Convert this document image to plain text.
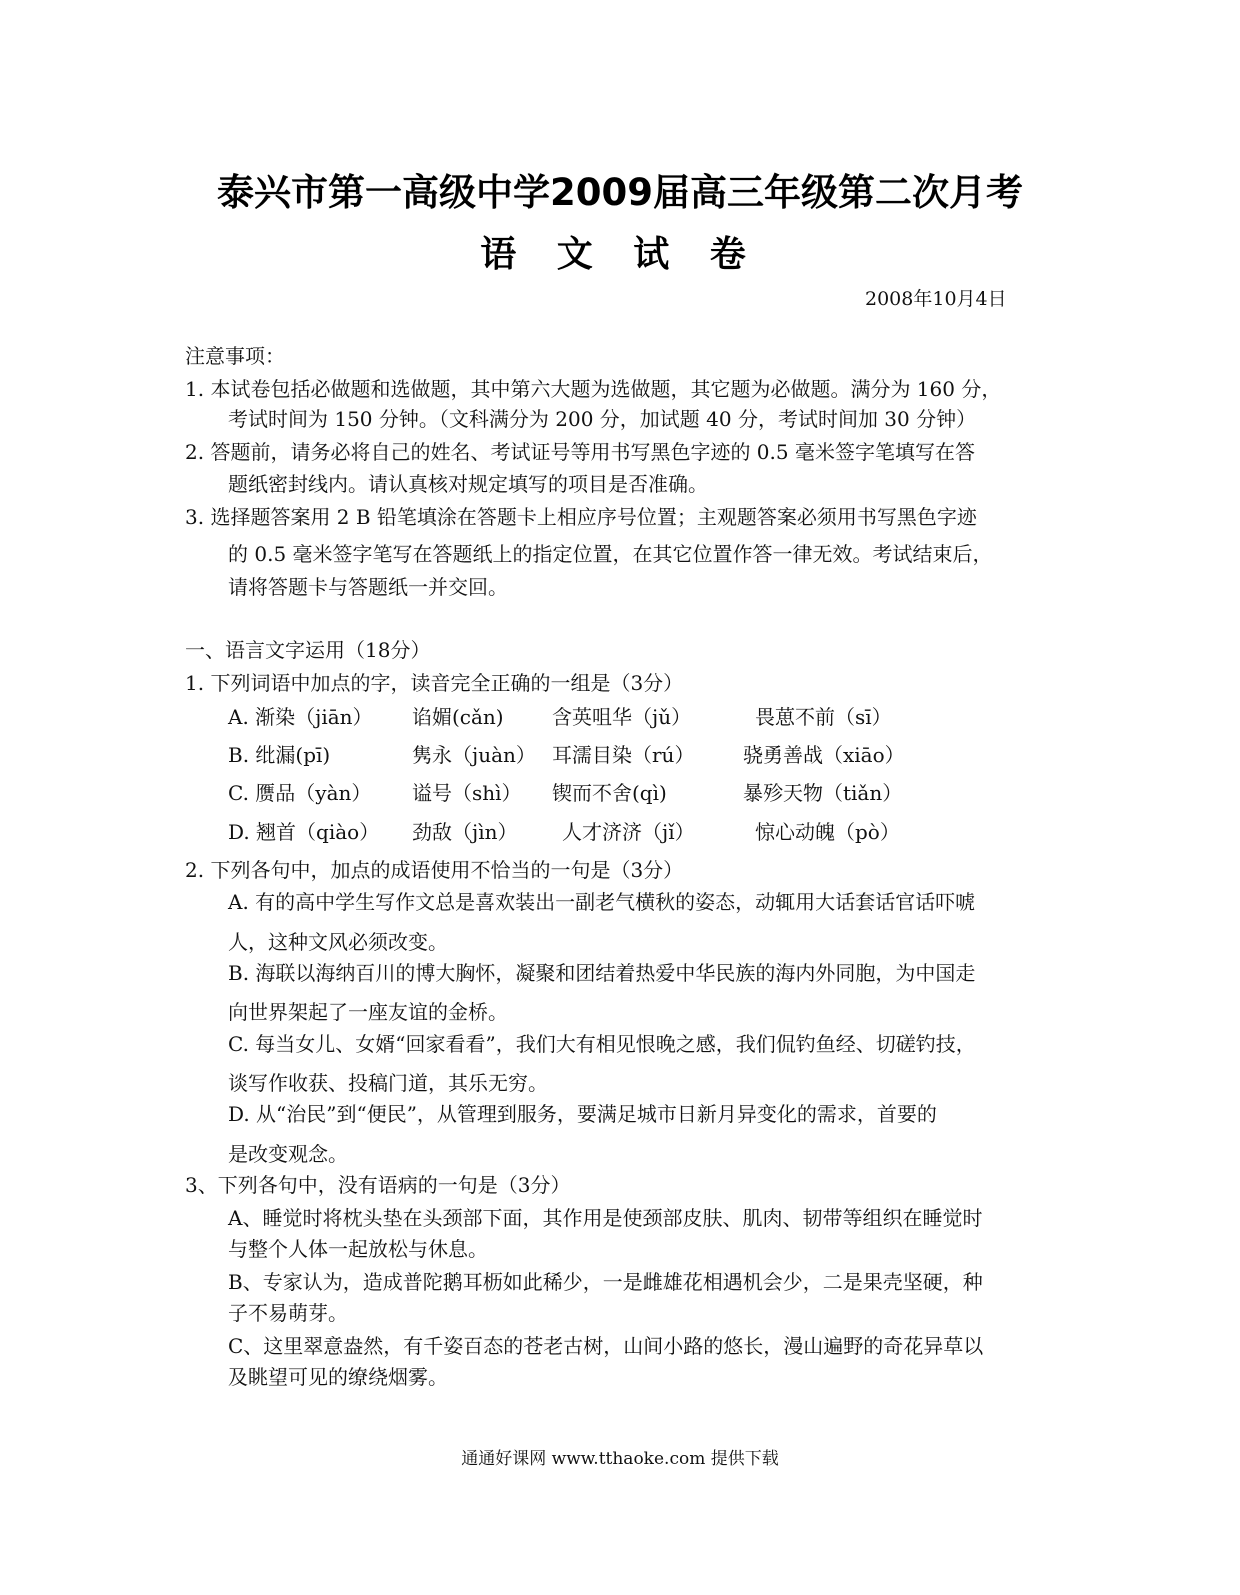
泰兴市第一高级中学2009届高三年级第二次月考
语 文 试 卷
2008年10月4日
注意事项：
1. 本试卷包括必做题和选做题，其中第六大题为选做题，其它题为必做题。满分为 160 分，
考试时间为 150 分钟。（文科满分为 200 分，加试题 40 分，考试时间加 30 分钟）
2. 答题前，请务必将自己的姓名、考试证号等用书写黑色字迹的 0.5 毫米签字笔填写在答
题纸密封线内。请认真核对规定填写的项目是否准确。
3. 选择题答案用 2 B 铅笔填涂在答题卡上相应序号位置；主观题答案必须用书写黑色字迹
的 0.5 毫米签字笔写在答题纸上的指定位置，在其它位置作答一律无效。考试结束后，
请将答题卡与答题纸一并交回。
一、语言文字运用（18分）
1. 下列词语中加点的字，读音完全正确的一组是（3分）
A. 渐染（jiān） 谄媚(cǎn) 含英咀华（jǔ）	畏葸不前（sī）
B. 纰漏(pī)	隽永（juàn） 耳濡目染（rú） 骁勇善战（xiāo）
C. 赝品（yàn） 谥号（shì） 锲而不舍(qì)	暴殄天物（tiǎn）
D. 翘首（qiào） 劲敌（jìn） 人才济济（jǐ）	惊心动魄（pò）
2. 下列各句中，加点的成语使用不恰当的一句是（3分）
A. 有的高中学生写作文总是喜欢装出一副老气横秋的姿态，动辄用大话套话官话吓唬
人，这种文风必须改变。
B. 海联以海纳百川的博大胸怀，凝聚和团结着热爱中华民族的海内外同胞，为中国走
向世界架起了一座友谊的金桥。
C. 每当女儿、女婿“回家看看”，我们大有相见恨晚之感，我们侃钓鱼经、切磋钓技，
谈写作收获、投稿门道，其乐无穷。
D. 从“治民”到“便民”，从管理到服务，要满足城市日新月异变化的需求，首要的
是改变观念。
3、下列各句中，没有语病的一句是（3分）
A、睡觉时将枕头垫在头颈部下面，其作用是使颈部皮肤、肌肉、韧带等组织在睡觉时
与整个人体一起放松与休息。
B、专家认为，造成普陀鹅耳枥如此稀少，一是雌雄花相遇机会少，二是果壳坚硬，种
子不易萌芽。
C、这里翠意盎然，有千姿百态的苍老古树，山间小路的悠长，漫山遍野的奇花异草以
及眺望可见的缭绕烟雾。
通通好课网 www.tthaoke.com 提供下载
